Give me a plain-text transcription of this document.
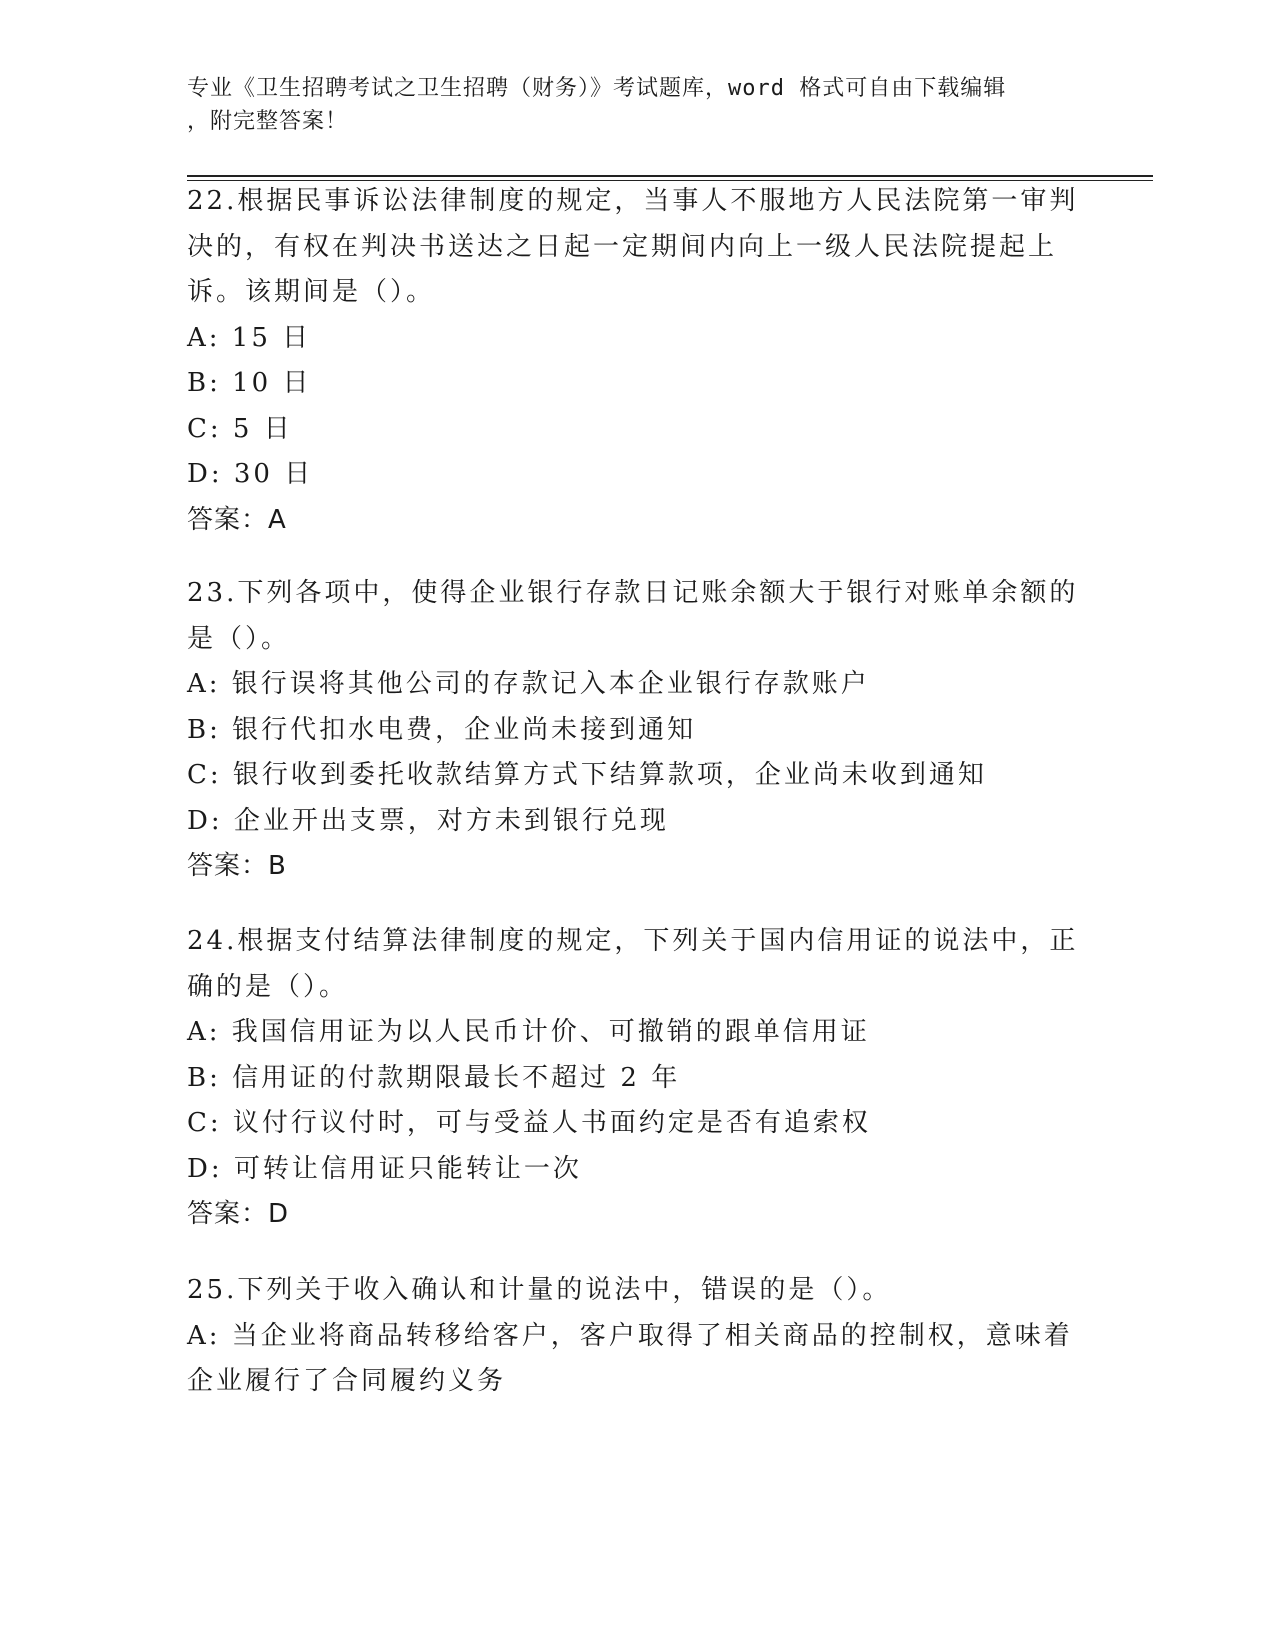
专业《卫生招聘考试之卫生招聘（财务）》考试题库，word 格式可自由下载编辑
，附完整答案！
22.根据民事诉讼法律制度的规定，当事人不服地方人民法院第一审判
决的，有权在判决书送达之日起一定期间内向上一级人民法院提起上
诉。该期间是（）。
A: 15 日
B: 10 日
C: 5 日
D: 30 日
答案：A
23.下列各项中，使得企业银行存款日记账余额大于银行对账单余额的
是（）。
A: 银行误将其他公司的存款记入本企业银行存款账户
B: 银行代扣水电费，企业尚未接到通知
C: 银行收到委托收款结算方式下结算款项，企业尚未收到通知
D: 企业开出支票，对方未到银行兑现
答案：B
24.根据支付结算法律制度的规定，下列关于国内信用证的说法中，正
确的是（）。
A: 我国信用证为以人民币计价、可撤销的跟单信用证
B: 信用证的付款期限最长不超过 2 年
C: 议付行议付时，可与受益人书面约定是否有追索权
D: 可转让信用证只能转让一次
答案：D
25.下列关于收入确认和计量的说法中，错误的是（）。
A: 当企业将商品转移给客户，客户取得了相关商品的控制权，意味着
企业履行了合同履约义务
